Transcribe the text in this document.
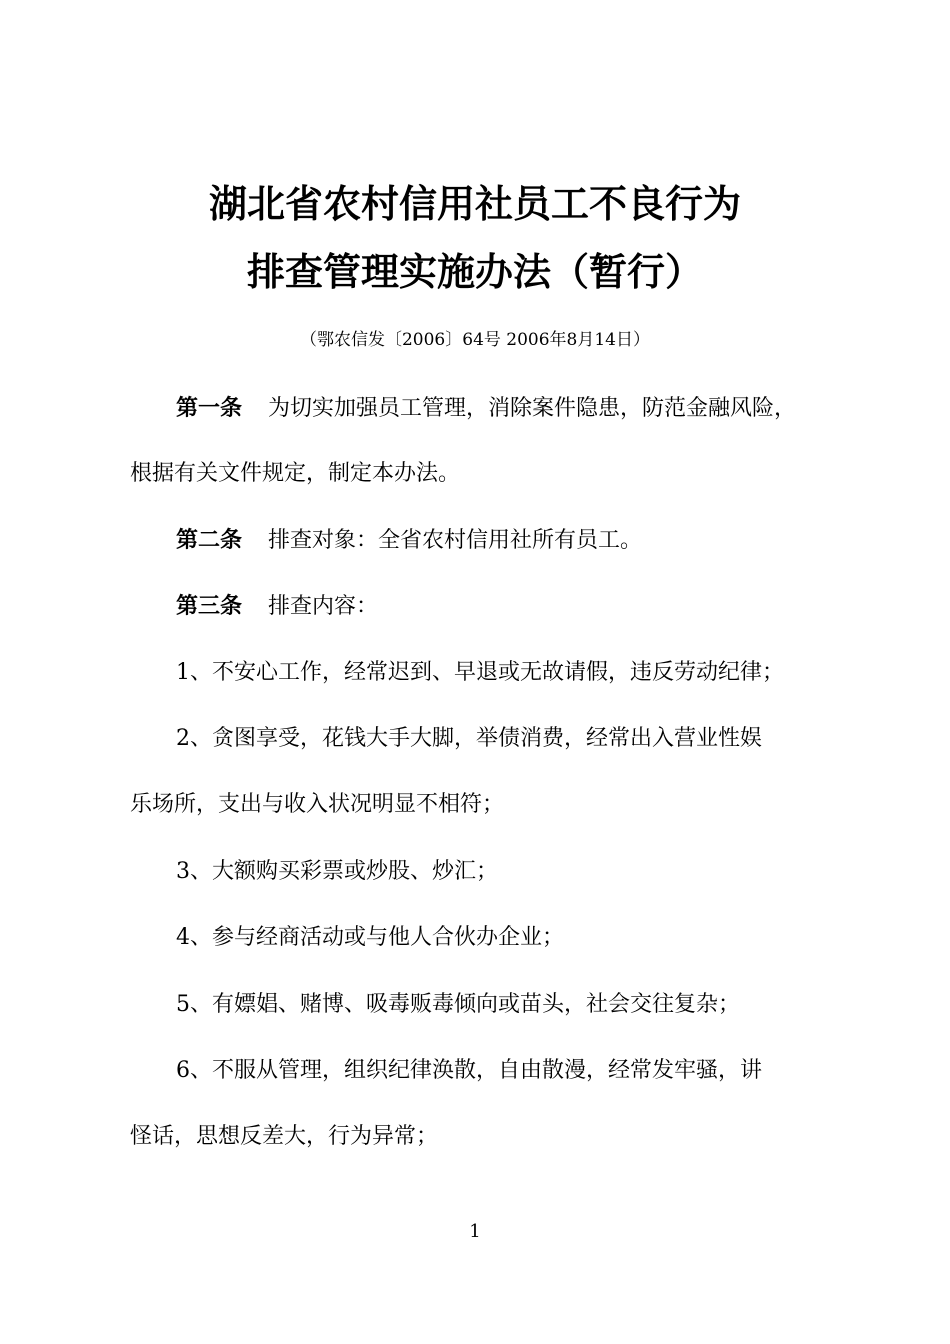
湖北省农村信用社员工不良行为
排查管理实施办法（暂行）
（鄂农信发〔2006〕64号 2006年8月14日）
第一条 为切实加强员工管理，消除案件隐患，防范金融风险，
根据有关文件规定，制定本办法。
第二条 排查对象：全省农村信用社所有员工。
第三条 排查内容：
1、不安心工作，经常迟到、早退或无故请假，违反劳动纪律；
2、贪图享受，花钱大手大脚，举债消费，经常出入营业性娱
乐场所，支出与收入状况明显不相符；
3、大额购买彩票或炒股、炒汇；
4、参与经商活动或与他人合伙办企业；
5、有嫖娼、赌博、吸毒贩毒倾向或苗头，社会交往复杂；
6、不服从管理，组织纪律涣散，自由散漫，经常发牢骚，讲
怪话，思想反差大，行为异常；
1
